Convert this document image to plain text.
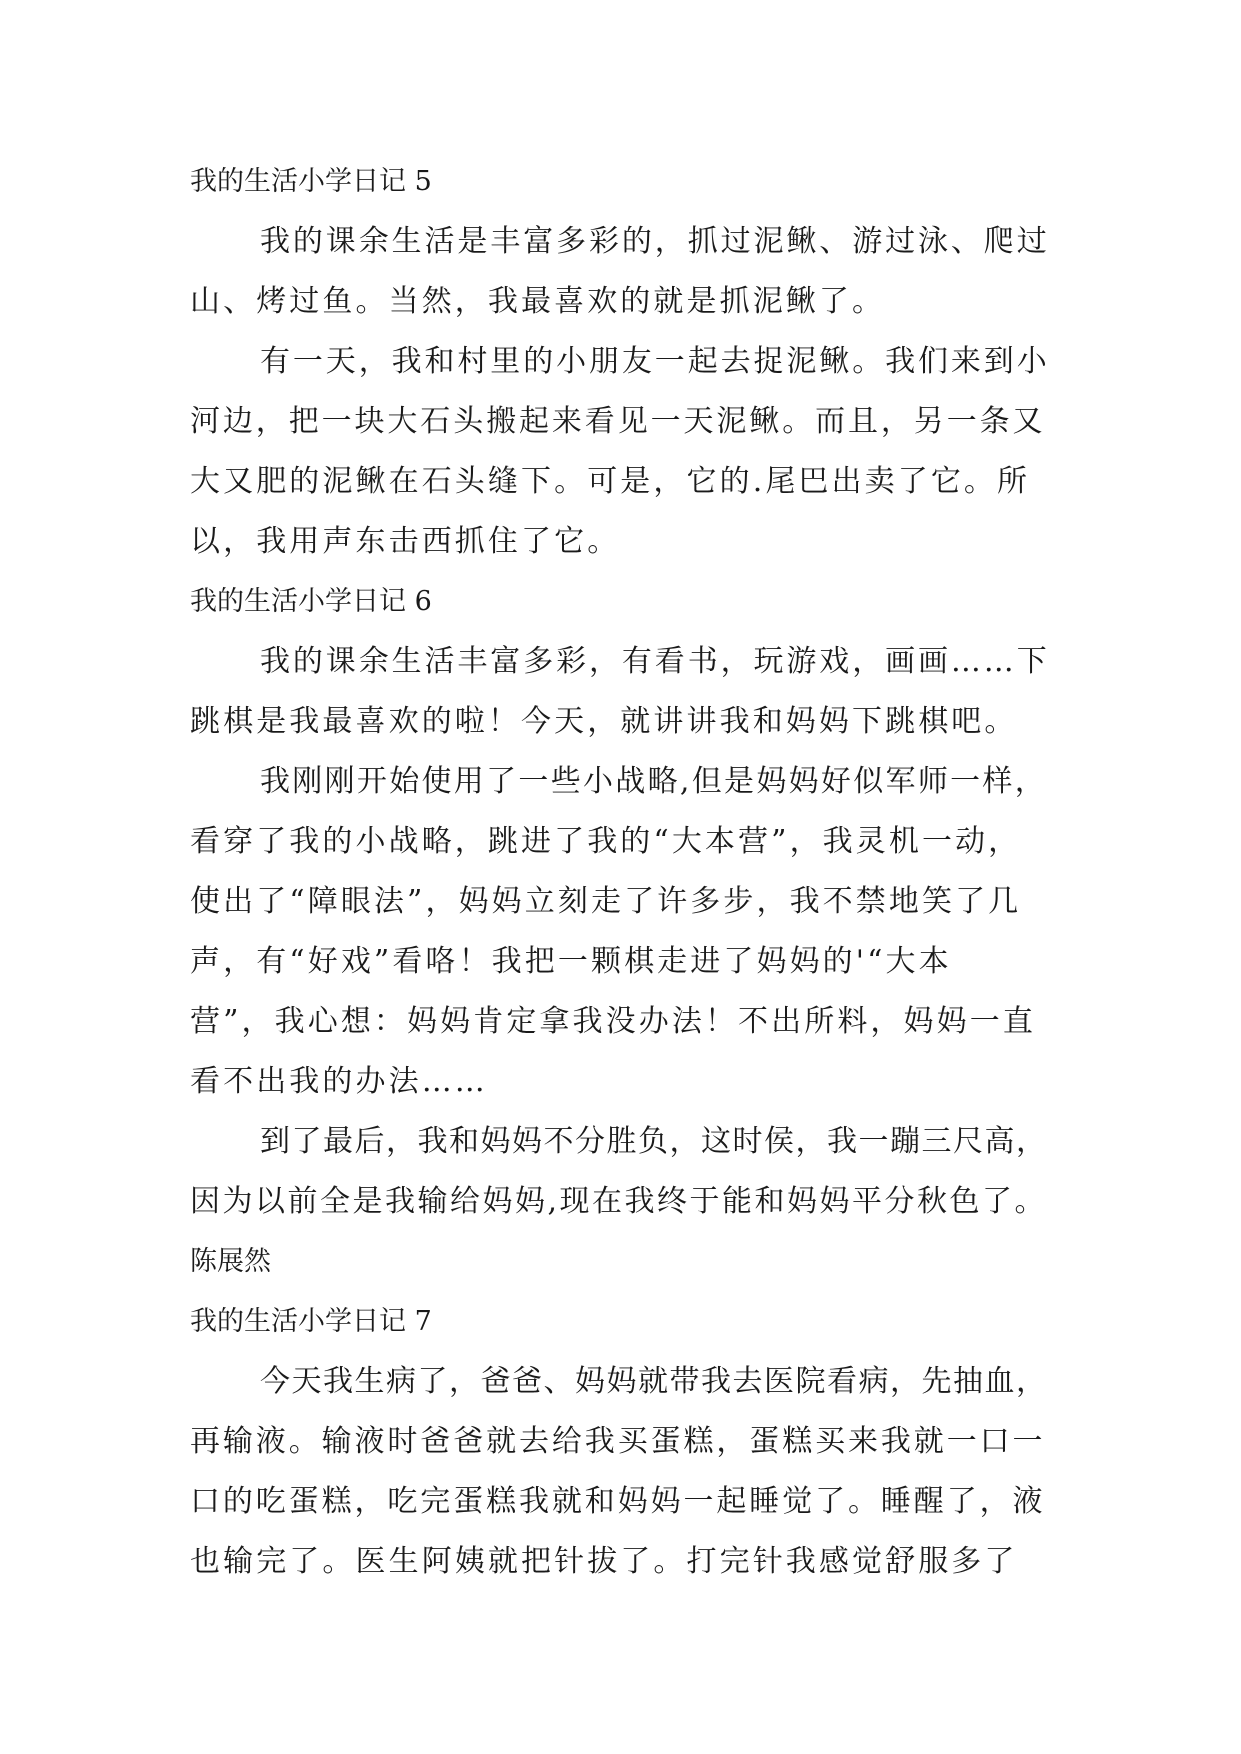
我的生活小学日记 5

我的课余生活是丰富多彩的，抓过泥鳅、游过泳、爬过
山、烤过鱼。当然，我最喜欢的就是抓泥鳅了。

有一天，我和村里的小朋友一起去捉泥鳅。我们来到小
河边，把一块大石头搬起来看见一天泥鳅。而且，另一条又
大又肥的泥鳅在石头缝下。可是，它的.尾巴出卖了它。所
以，我用声东击西抓住了它。

我的生活小学日记 6

我的课余生活丰富多彩，有看书，玩游戏，画画……下
跳棋是我最喜欢的啦！今天，就讲讲我和妈妈下跳棋吧。

我刚刚开始使用了一些小战略,但是妈妈好似军师一样，
看穿了我的小战略，跳进了我的“大本营”，我灵机一动，
使出了“障眼法”，妈妈立刻走了许多步，我不禁地笑了几
声，有“好戏”看咯！我把一颗棋走进了妈妈的'“大本
营”，我心想：妈妈肯定拿我没办法！不出所料，妈妈一直
看不出我的办法……

到了最后，我和妈妈不分胜负，这时侯，我一蹦三尺高，
因为以前全是我输给妈妈,现在我终于能和妈妈平分秋色了。

陈展然
我的生活小学日记 7

今天我生病了，爸爸、妈妈就带我去医院看病，先抽血，
再输液。输液时爸爸就去给我买蛋糕，蛋糕买来我就一口一
口的吃蛋糕，吃完蛋糕我就和妈妈一起睡觉了。睡醒了，液
也输完了。医生阿姨就把针拔了。打完针我感觉舒服多了
